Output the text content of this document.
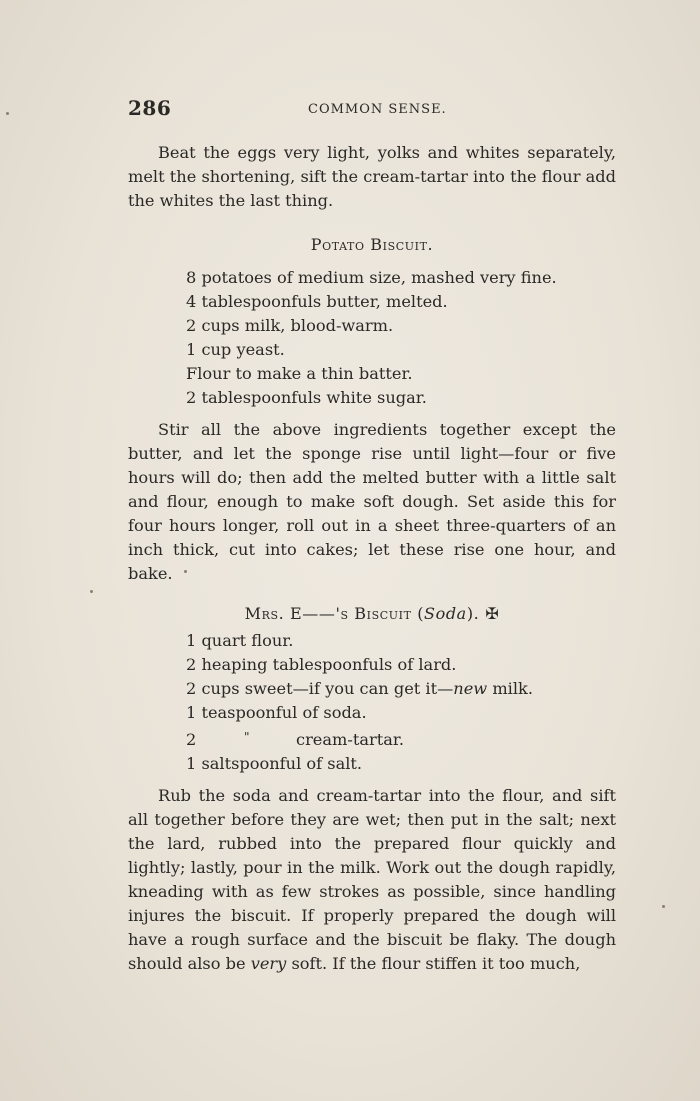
286	COMMON SENSE.

Beat the eggs very light, yolks and whites separately, melt the shortening, sift the cream-tartar into the flour add the whites the last thing.

Potato Biscuit.
8 potatoes of medium size, mashed very fine.
4 tablespoonfuls butter, melted.
2 cups milk, blood-warm.
1 cup yeast.
Flour to make a thin batter.
2 tablespoonfuls white sugar.

Stir all the above ingredients together except the butter, and let the sponge rise until light—four or five hours will do; then add the melted butter with a little salt and flour, enough to make soft dough. Set aside this for four hours longer, roll out in a sheet three-quarters of an inch thick, cut into cakes; let these rise one hour, and bake.

Mrs. E——'s Biscuit (Soda). ✠
1 quart flour.
2 heaping tablespoonfuls of lard.
2 cups sweet—if you can get it—new milk.
1 teaspoonful of soda.
2	"	cream-tartar.
1 saltspoonful of salt.

Rub the soda and cream-tartar into the flour, and sift all together before they are wet; then put in the salt; next the lard, rubbed into the prepared flour quickly and lightly; lastly, pour in the milk. Work out the dough rapidly, kneading with as few strokes as possible, since handling injures the biscuit. If properly prepared the dough will have a rough surface and the biscuit be flaky. The dough should also be very soft. If the flour stiffen it too much,
